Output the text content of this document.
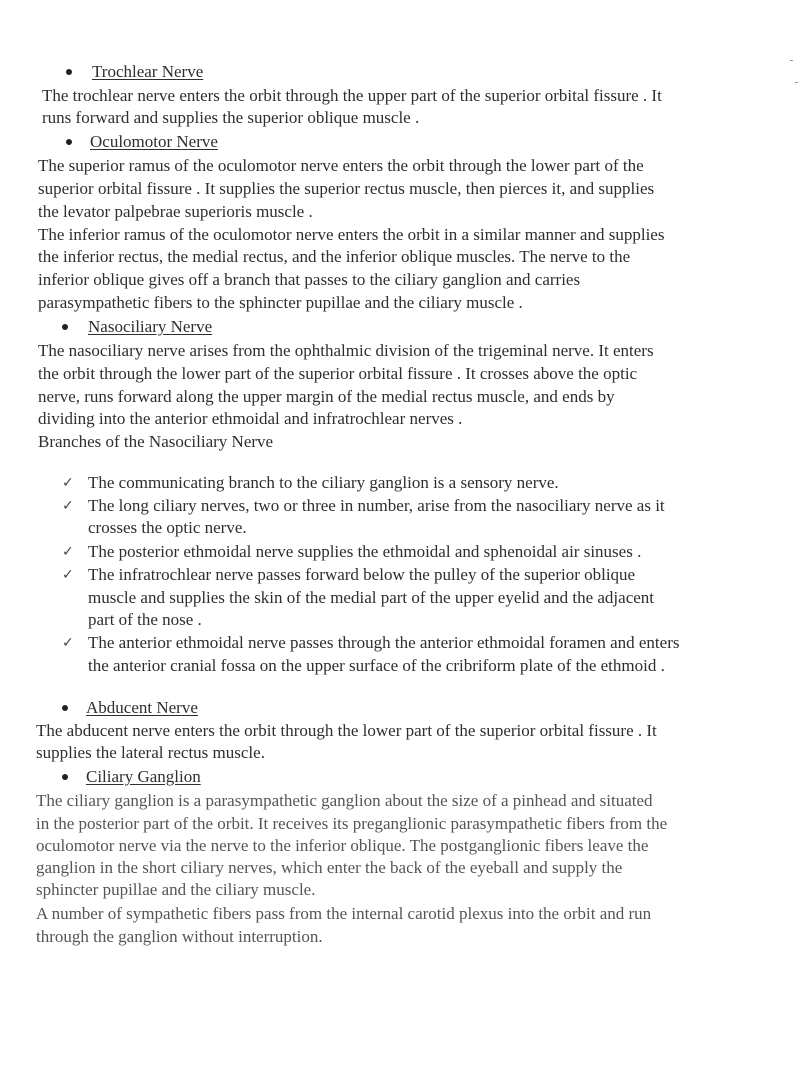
Trochlear Nerve
The trochlear nerve enters the orbit through the upper part of the superior orbital fissure . It
runs forward and supplies the superior oblique muscle .
Oculomotor Nerve
The superior ramus of the oculomotor nerve enters the orbit through the lower part of the
superior orbital fissure . It supplies the superior rectus muscle, then pierces it, and supplies
the levator palpebrae superioris muscle .
The inferior ramus of the oculomotor nerve enters the orbit in a similar manner and supplies
the inferior rectus, the medial rectus, and the inferior oblique muscles. The nerve to the
inferior oblique gives off a branch that passes to the ciliary ganglion and carries
parasympathetic fibers to the sphincter pupillae and the ciliary muscle .
Nasociliary Nerve
The nasociliary nerve arises from the ophthalmic division of the trigeminal nerve. It enters
the orbit through the lower part of the superior orbital fissure . It crosses above the optic
nerve, runs forward along the upper margin of the medial rectus muscle, and ends by
dividing into the anterior ethmoidal and infratrochlear nerves .
Branches of the Nasociliary Nerve
✓ The communicating branch to the ciliary ganglion is a sensory nerve.
✓ The long ciliary nerves, two or three in number, arise from the nasociliary nerve as it
crosses the optic nerve.
✓ The posterior ethmoidal nerve supplies the ethmoidal and sphenoidal air sinuses .
✓ The infratrochlear nerve passes forward below the pulley of the superior oblique
muscle and supplies the skin of the medial part of the upper eyelid and the adjacent
part of the nose .
✓ The anterior ethmoidal nerve passes through the anterior ethmoidal foramen and enters
the anterior cranial fossa on the upper surface of the cribriform plate of the ethmoid .
Abducent Nerve
The abducent nerve enters the orbit through the lower part of the superior orbital fissure . It
supplies the lateral rectus muscle.
Ciliary Ganglion
The ciliary ganglion is a parasympathetic ganglion about the size of a pinhead and situated
in the posterior part of the orbit. It receives its preganglionic parasympathetic fibers from the
oculomotor nerve via the nerve to the inferior oblique. The postganglionic fibers leave the
ganglion in the short ciliary nerves, which enter the back of the eyeball and supply the
sphincter pupillae and the ciliary muscle.
A number of sympathetic fibers pass from the internal carotid plexus into the orbit and run
through the ganglion without interruption.
